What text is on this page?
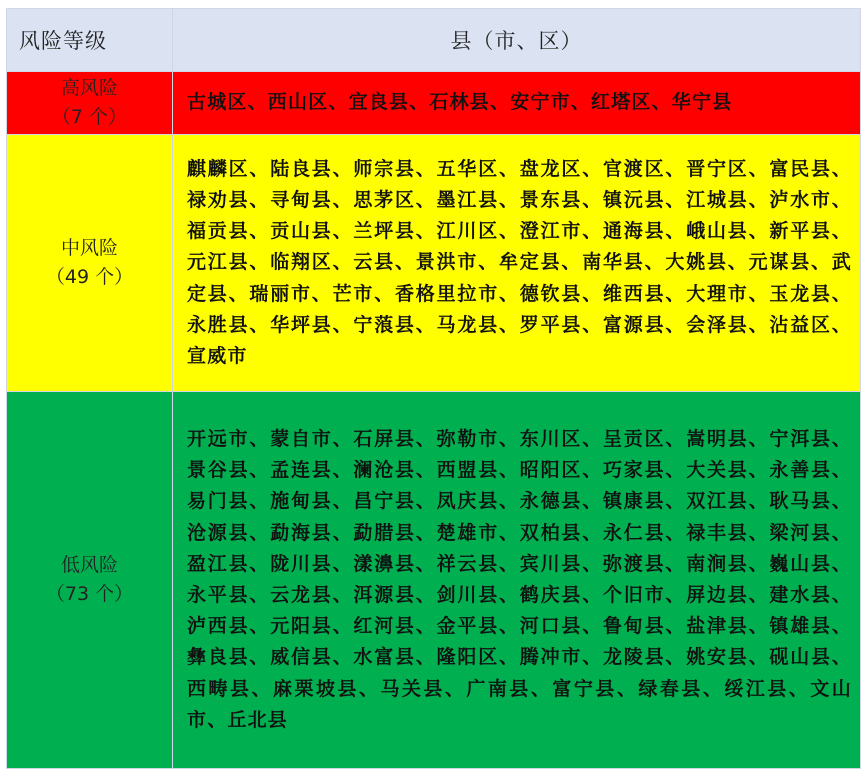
风险等级	县（市、区）

高风险
（7 个）	古城区、西山区、宜良县、石林县、安宁市、红塔区、华宁县

中风险
（49 个）	麒麟区、陆良县、师宗县、五华区、盘龙区、官渡区、晋宁区、富民县、禄劝县、寻甸县、思茅区、墨江县、景东县、镇沅县、江城县、泸水市、福贡县、贡山县、兰坪县、江川区、澄江市、通海县、峨山县、新平县、元江县、临翔区、云县、景洪市、牟定县、南华县、大姚县、元谋县、武定县、瑞丽市、芒市、香格里拉市、德钦县、维西县、大理市、玉龙县、永胜县、华坪县、宁蒗县、马龙县、罗平县、富源县、会泽县、沾益区、宣威市

低风险
（73 个）	开远市、蒙自市、石屏县、弥勒市、东川区、呈贡区、嵩明县、宁洱县、景谷县、孟连县、澜沧县、西盟县、昭阳区、巧家县、大关县、永善县、易门县、施甸县、昌宁县、凤庆县、永德县、镇康县、双江县、耿马县、沧源县、勐海县、勐腊县、楚雄市、双柏县、永仁县、禄丰县、梁河县、盈江县、陇川县、漾濞县、祥云县、宾川县、弥渡县、南涧县、巍山县、永平县、云龙县、洱源县、剑川县、鹤庆县、个旧市、屏边县、建水县、泸西县、元阳县、红河县、金平县、河口县、鲁甸县、盐津县、镇雄县、彝良县、威信县、水富县、隆阳区、腾冲市、龙陵县、姚安县、砚山县、西畴县、麻栗坡县、马关县、广南县、富宁县、绿春县、绥江县、文山市、丘北县
